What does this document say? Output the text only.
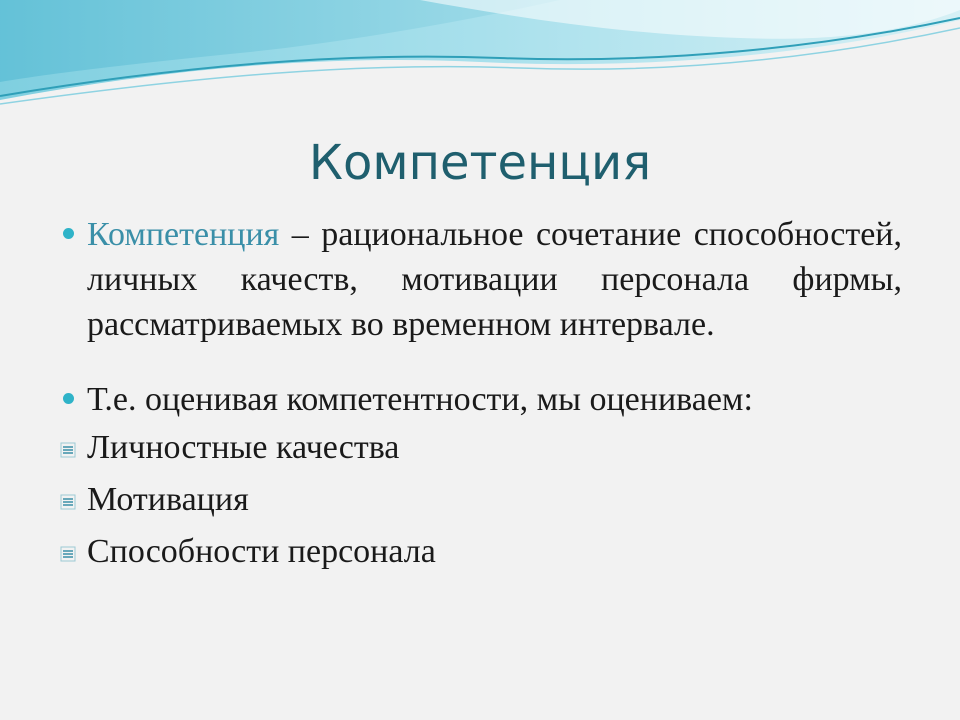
Компетенция
Компетенция – рациональное сочетание способностей, личных качеств, мотивации персонала фирмы, рассматриваемых во временном интервале.
Т.е. оценивая компетентности, мы оцениваем:
Личностные качества
Мотивация
Способности персонала
